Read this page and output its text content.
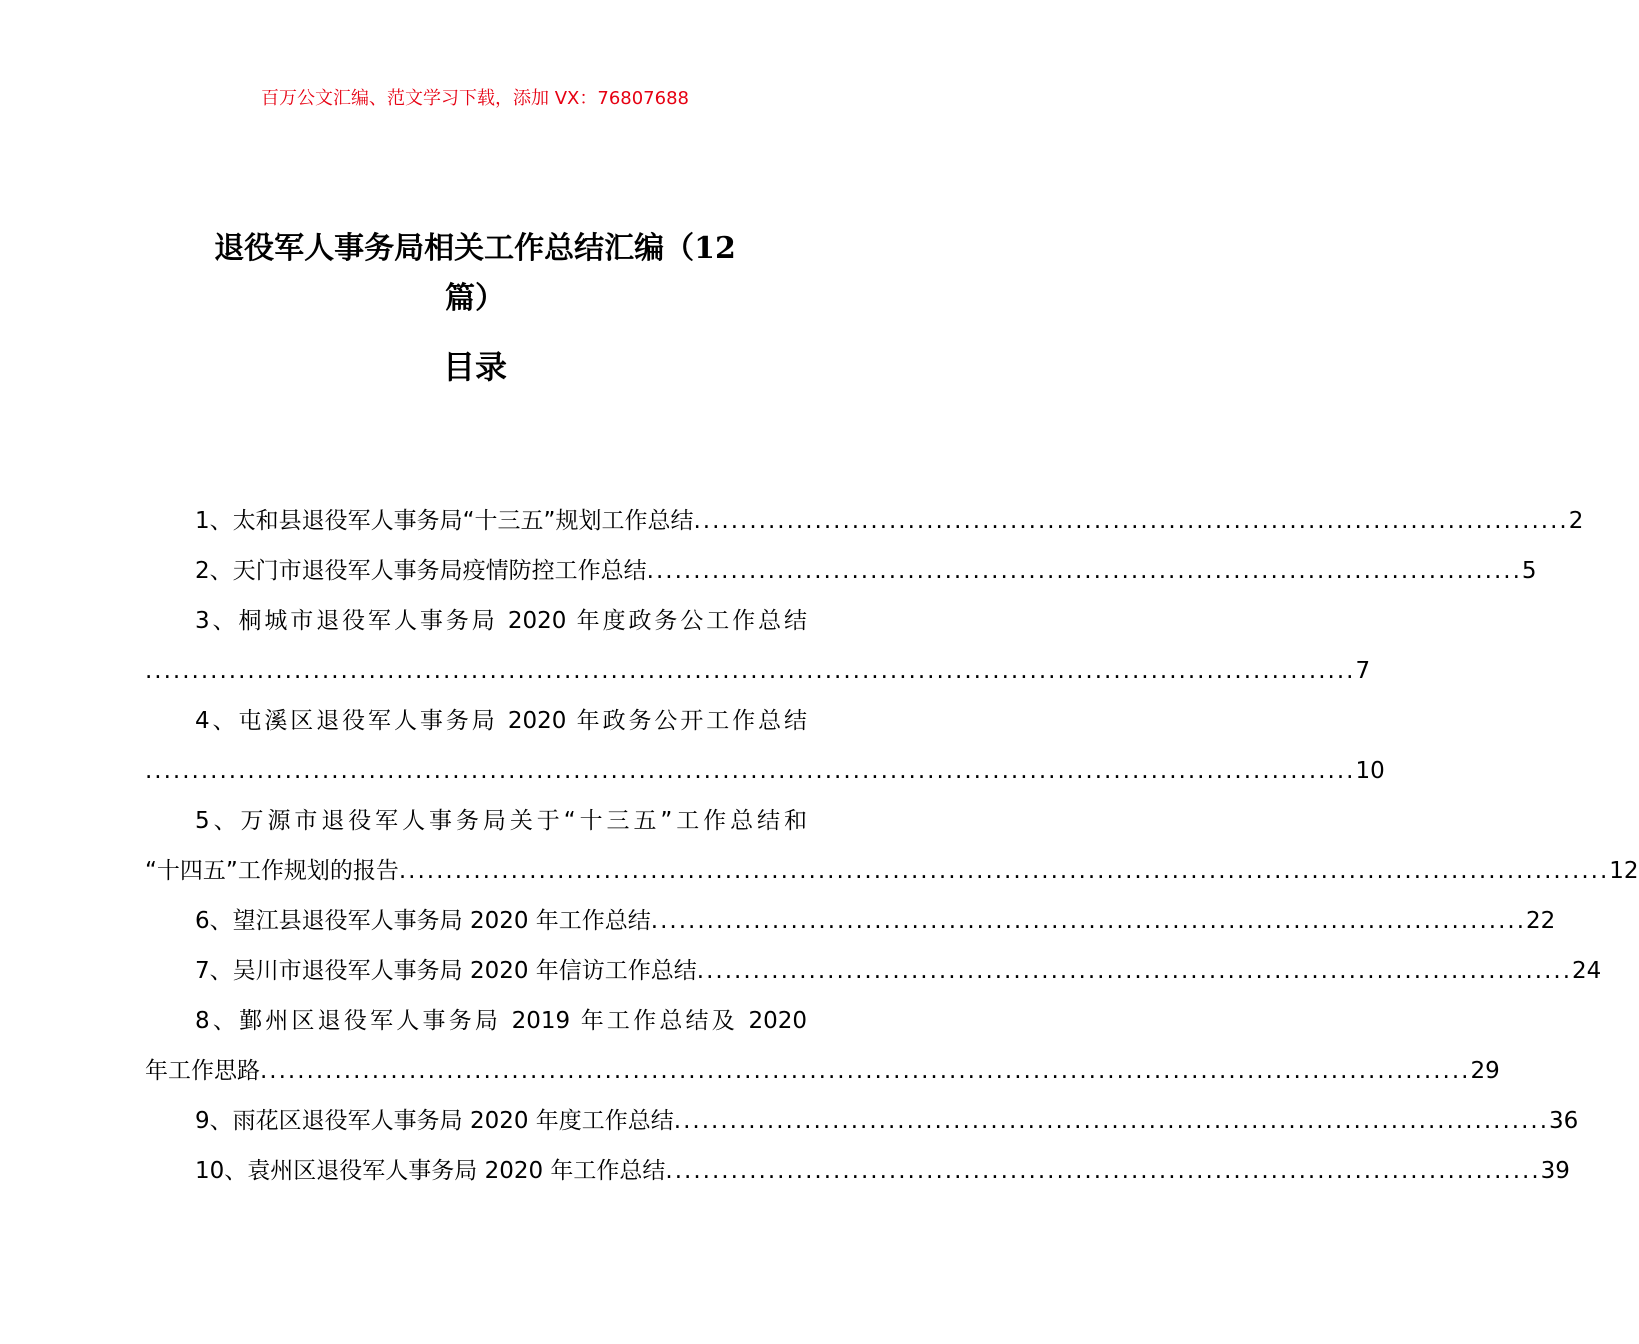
百万公文汇编、范文学习下载，添加 VX：76807688
退役军人事务局相关工作总结汇编（12
篇）
目录
1、太和县退役军人事务局“十三五”规划工作总结 .............................................................................................. 2
2、天门市退役军人事务局疫情防控工作总结 .............................................................................................. 5
3、桐城市退役军人事务局 2020 年度政务公工作总结
.................................................................................................................................. 7
4、屯溪区退役军人事务局 2020 年政务公开工作总结
.................................................................................................................................. 10
5、万源市退役军人事务局关于“十三五”工作总结和
“十四五”工作规划的报告 .................................................................................................................................. 12
6、望江县退役军人事务局 2020 年工作总结 .............................................................................................. 22
7、吴川市退役军人事务局 2020 年信访工作总结 .............................................................................................. 24
8、鄞州区退役军人事务局 2019 年工作总结及 2020
年工作思路 .................................................................................................................................. 29
9、雨花区退役军人事务局 2020 年度工作总结 .............................................................................................. 36
10、袁州区退役军人事务局 2020 年工作总结 .............................................................................................. 39
